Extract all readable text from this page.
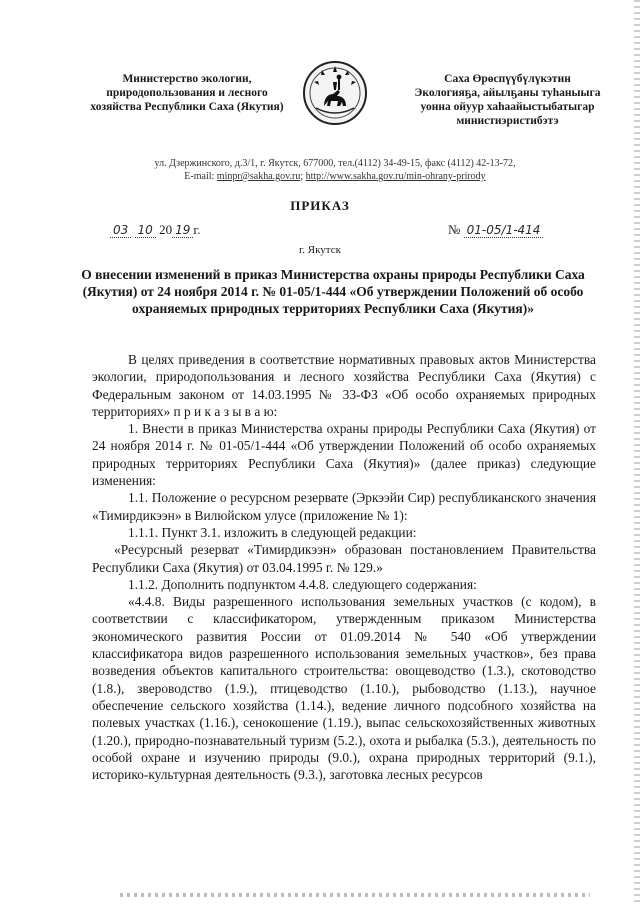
Министерство экологии,
природопользования и лесного
хозяйства Республики Саха (Якутия)
Саха Өрөспүүбүлүкэтин
Экологияҕа, айылҕаны туһаныыга
уонна ойуур хаһаайыстыбатыгар
министиэристибэтэ
ул. Дзержинского, д.3/1, г. Якутск, 677000, тел.(4112) 34-49-15, факс (4112) 42-13-72,
E-mail: minpr@sakha.gov.ru; http://www.sakha.gov.ru/min-ohrany-prirody
ПРИКАЗ
03 10 20 19 г.	№ 01-05/1-414
г. Якутск
О внесении изменений в приказ Министерства охраны природы Республики Саха (Якутия) от 24 ноября 2014 г. № 01-05/1-444 «Об утверждении Положений об особо охраняемых природных территориях Республики Саха (Якутия)»

В целях приведения в соответствие нормативных правовых актов Министерства экологии, природопользования и лесного хозяйства Республики Саха (Якутия) с Федеральным законом от 14.03.1995 № 33-ФЗ «Об особо охраняемых природных территориях» п р и к а з ы в а ю:

1. Внести в приказ Министерства охраны природы Республики Саха (Якутия) от 24 ноября 2014 г. № 01-05/1-444 «Об утверждении Положений об особо охраняемых природных территориях Республики Саха (Якутия)» (далее приказ) следующие изменения:

1.1. Положение о ресурсном резервате (Эркээйи Сир) республиканского значения «Тимирдикээн» в Вилюйском улусе (приложение № 1):

1.1.1. Пункт 3.1. изложить в следующей редакции:

«Ресурсный резерват «Тимирдикээн» образован постановлением Правительства Республики Саха (Якутия) от 03.04.1995 г. № 129.»

1.1.2. Дополнить подпунктом 4.4.8. следующего содержания:

«4.4.8. Виды разрешенного использования земельных участков (с кодом), в соответствии с классификатором, утвержденным приказом Министерства экономического развития России от 01.09.2014 № 540 «Об утверждении классификатора видов разрешенного использования земельных участков», без права возведения объектов капитального строительства: овощеводство (1.3.), скотоводство (1.8.), звероводство (1.9.), птицеводство (1.10.), рыбоводство (1.13.), научное обеспечение сельского хозяйства (1.14.), ведение личного подсобного хозяйства на полевых участках (1.16.), сенокошение (1.19.), выпас сельскохозяйственных животных (1.20.), природно-познавательный туризм (5.2.), охота и рыбалка (5.3.), деятельность по особой охране и изучению природы (9.0.), охрана природных территорий (9.1.), историко-культурная деятельность (9.3.), заготовка лесных ресурсов
